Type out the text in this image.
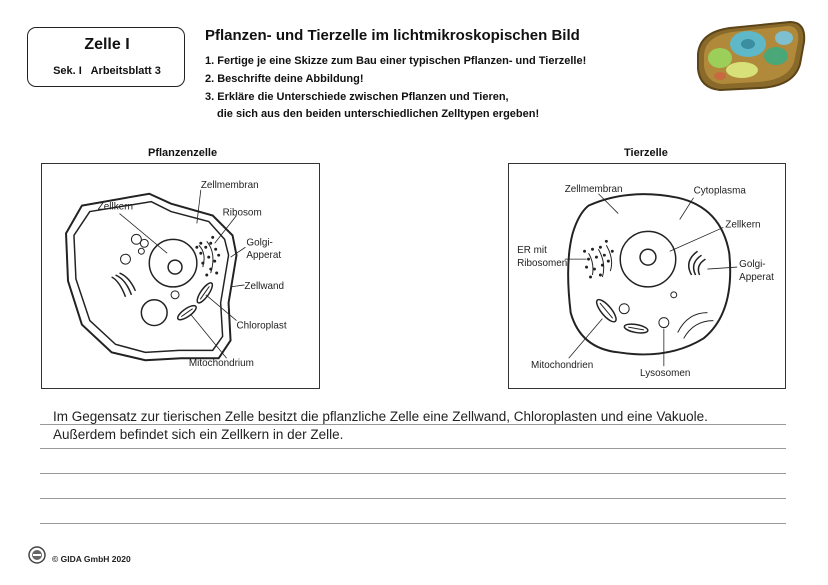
Zelle I
Sek. I   Arbeitsblatt 3
Pflanzen- und Tierzelle im lichtmikroskopischen Bild
1. Fertige je eine Skizze zum Bau einer typischen Pflanzen- und Tierzelle!
2. Beschrifte deine Abbildung!
3. Erkläre die Unterschiede zwischen Pflanzen und Tieren,
die sich aus den beiden unterschiedlichen Zelltypen ergeben!
Pflanzenzelle
Zellmembran
Zellkern
Ribosom
Golgi-
Apperat
Zellwand
Chloroplast
Mitochondrium
Tierzelle
Zellmembran	Cytoplasma
Zellkern
ER mit
Ribosomen	Golgi-
Apperat
Mitochondrien
Lysosomen
Im Gegensatz zur tierischen Zelle besitzt die pflanzliche Zelle eine Zellwand, Chloroplasten und eine Vakuole.
Außerdem befindet sich ein Zellkern in der Zelle.
© GIDA GmbH 2020
